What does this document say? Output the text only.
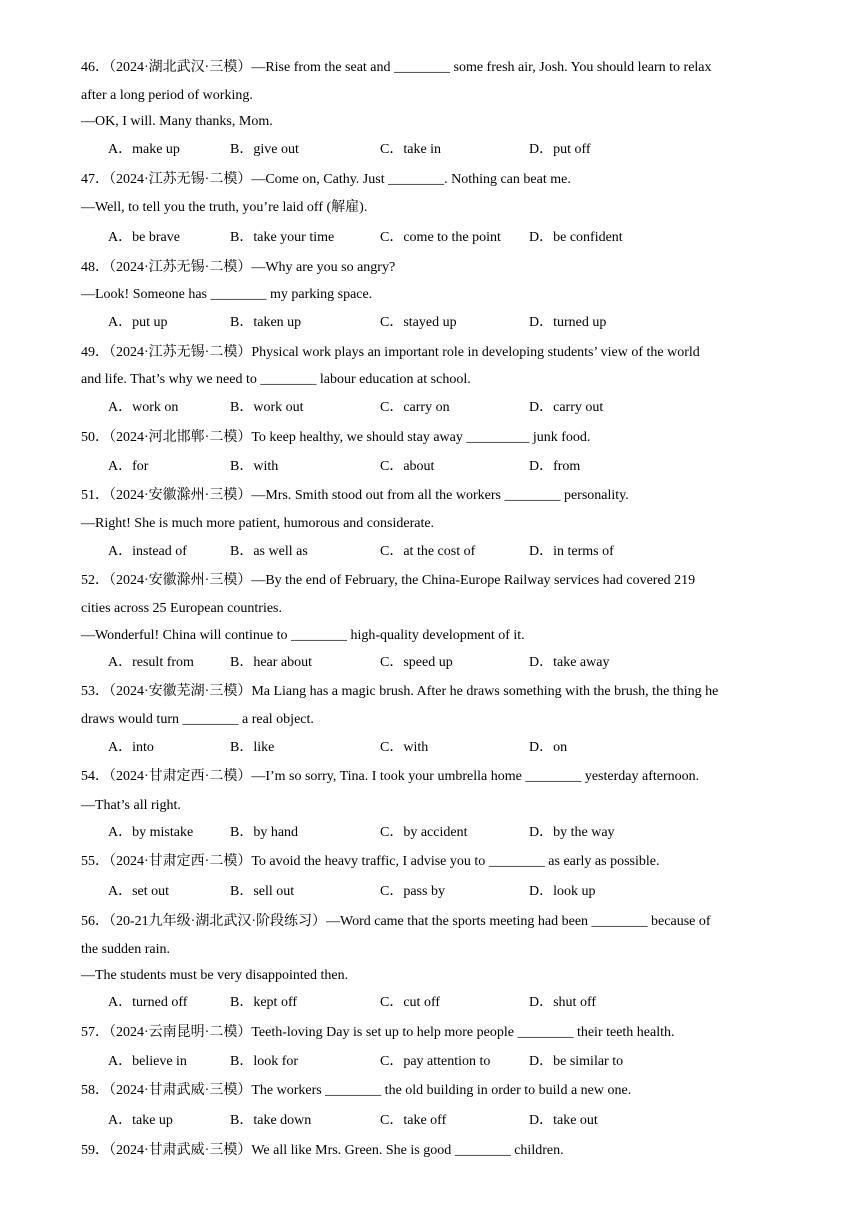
46．（2024·湖北武汉·三模）—Rise from the seat and ________ some fresh air, Josh. You should learn to relax
after a long period of working.
—OK, I will. Many thanks, Mom.
A．make up	B．give out	C．take in	D．put off
47．（2024·江苏无锡·二模）—Come on, Cathy. Just ________. Nothing can beat me.
—Well, to tell you the truth, you’re laid off (解雇).
A．be brave	B．take your time	C．come to the point D．be confident
48．（2024·江苏无锡·二模）—Why are you so angry?
—Look! Someone has ________ my parking space.
A．put up	B．taken up	C．stayed up	D．turned up
49．（2024·江苏无锡·二模）Physical work plays an important role in developing students’ view of the world
and life. That’s why we need to ________ labour education at school.
A．work on	B．work out	C．carry on	D．carry out
50．（2024·河北邯郸·二模）To keep healthy, we should stay away _________ junk food.
A．for	B．with	C．about	D．from
51．（2024·安徽滁州·三模）—Mrs. Smith stood out from all the workers ________ personality.
—Right! She is much more patient, humorous and considerate.
A．instead of	B．as well as	C．at the cost of	D．in terms of
52．（2024·安徽滁州·三模）—By the end of February, the China-Europe Railway services had covered 219
cities across 25 European countries.
—Wonderful! China will continue to ________ high-quality development of it.
A．result from	B．hear about	C．speed up	D．take away
53．（2024·安徽芜湖·三模）Ma Liang has a magic brush. After he draws something with the brush, the thing he
draws would turn ________ a real object.
A．into	B．like	C．with	D．on
54．（2024·甘肃定西·二模）—I’m so sorry, Tina. I took your umbrella home ________ yesterday afternoon.
—That’s all right.
A．by mistake	B．by hand	C．by accident	D．by the way
55．（2024·甘肃定西·二模）To avoid the heavy traffic, I advise you to ________ as early as possible.
A．set out	B．sell out	C．pass by	D．look up
56．（20-21九年级·湖北武汉·阶段练习）—Word came that the sports meeting had been ________ because of
the sudden rain.
—The students must be very disappointed then.
A．turned off	B．kept off	C．cut off	D．shut off
57．（2024·云南昆明·二模）Teeth-loving Day is set up to help more people ________ their teeth health.
A．believe in	B．look for	C．pay attention to	D．be similar to
58．（2024·甘肃武威·三模）The workers ________ the old building in order to build a new one.
A．take up	B．take down	C．take off	D．take out
59．（2024·甘肃武威·三模）We all like Mrs. Green. She is good ________ children.
